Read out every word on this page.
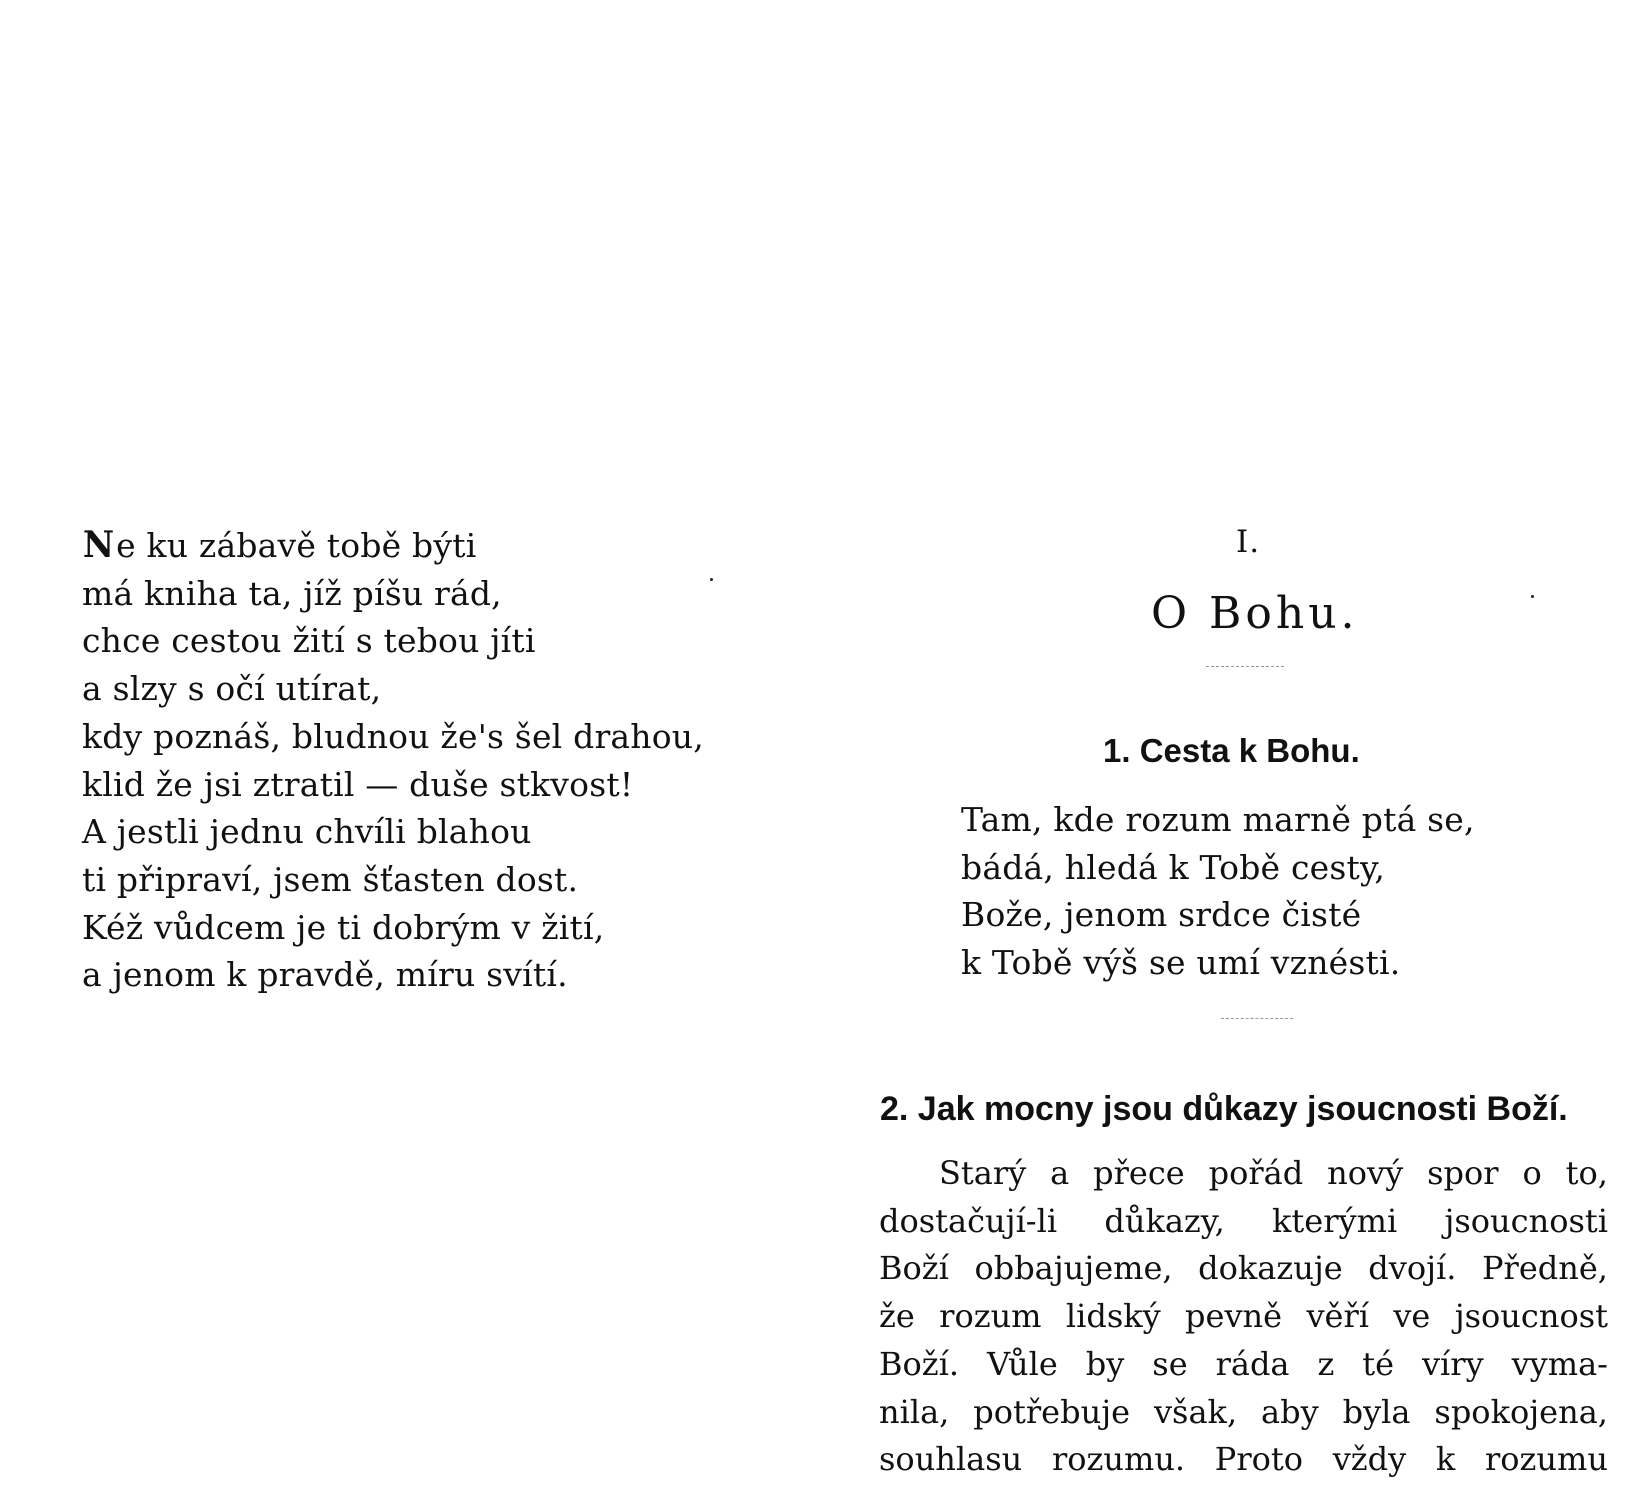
Ne ku zábavě tobě býti
má kniha ta, jíž píšu rád,
chce cestou žití s tebou jíti
a slzy s očí utírat,
kdy poznáš, bludnou že's šel drahou,
klid že jsi ztratil — duše stkvost!
A jestli jednu chvíli blahou
ti připraví, jsem šťasten dost.
Kéž vůdcem je ti dobrým v žití,
a jenom k pravdě, míru svítí.
I.
O Bohu.
1. Cesta k Bohu.
Tam, kde rozum marně ptá se,
bádá, hledá k Tobě cesty,
Bože, jenom srdce čisté
k Tobě výš se umí vznésti.
2. Jak mocny jsou důkazy jsoucnosti Boží.
Starý a přece pořád nový spor o to,
dostačují-li důkazy, kterými jsoucnosti
Boží obbajujeme, dokazuje dvojí. Předně,
že rozum lidský pevně věří ve jsoucnost
Boží. Vůle by se ráda z té víry vyma-
nila, potřebuje však, aby byla spokojena,
souhlasu rozumu. Proto vždy k rozumu
